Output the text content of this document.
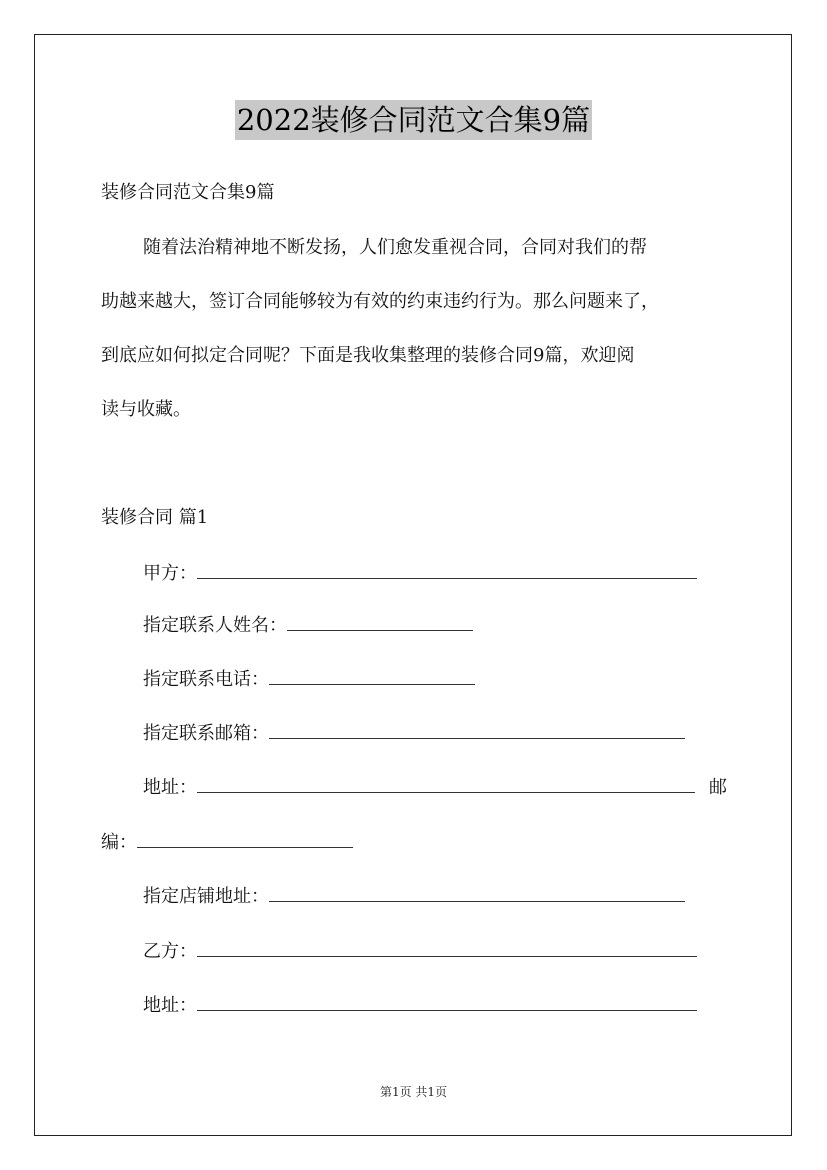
2022装修合同范文合集9篇
装修合同范文合集9篇
随着法治精神地不断发扬，人们愈发重视合同，合同对我们的帮
助越来越大，签订合同能够较为有效的约束违约行为。那么问题来了，
到底应如何拟定合同呢？下面是我收集整理的装修合同9篇，欢迎阅
读与收藏。
装修合同 篇1
甲方：
指定联系人姓名：
指定联系电话：
指定联系邮箱：
地址：	邮
编：
指定店铺地址：
乙方：
地址：
第1页 共1页
